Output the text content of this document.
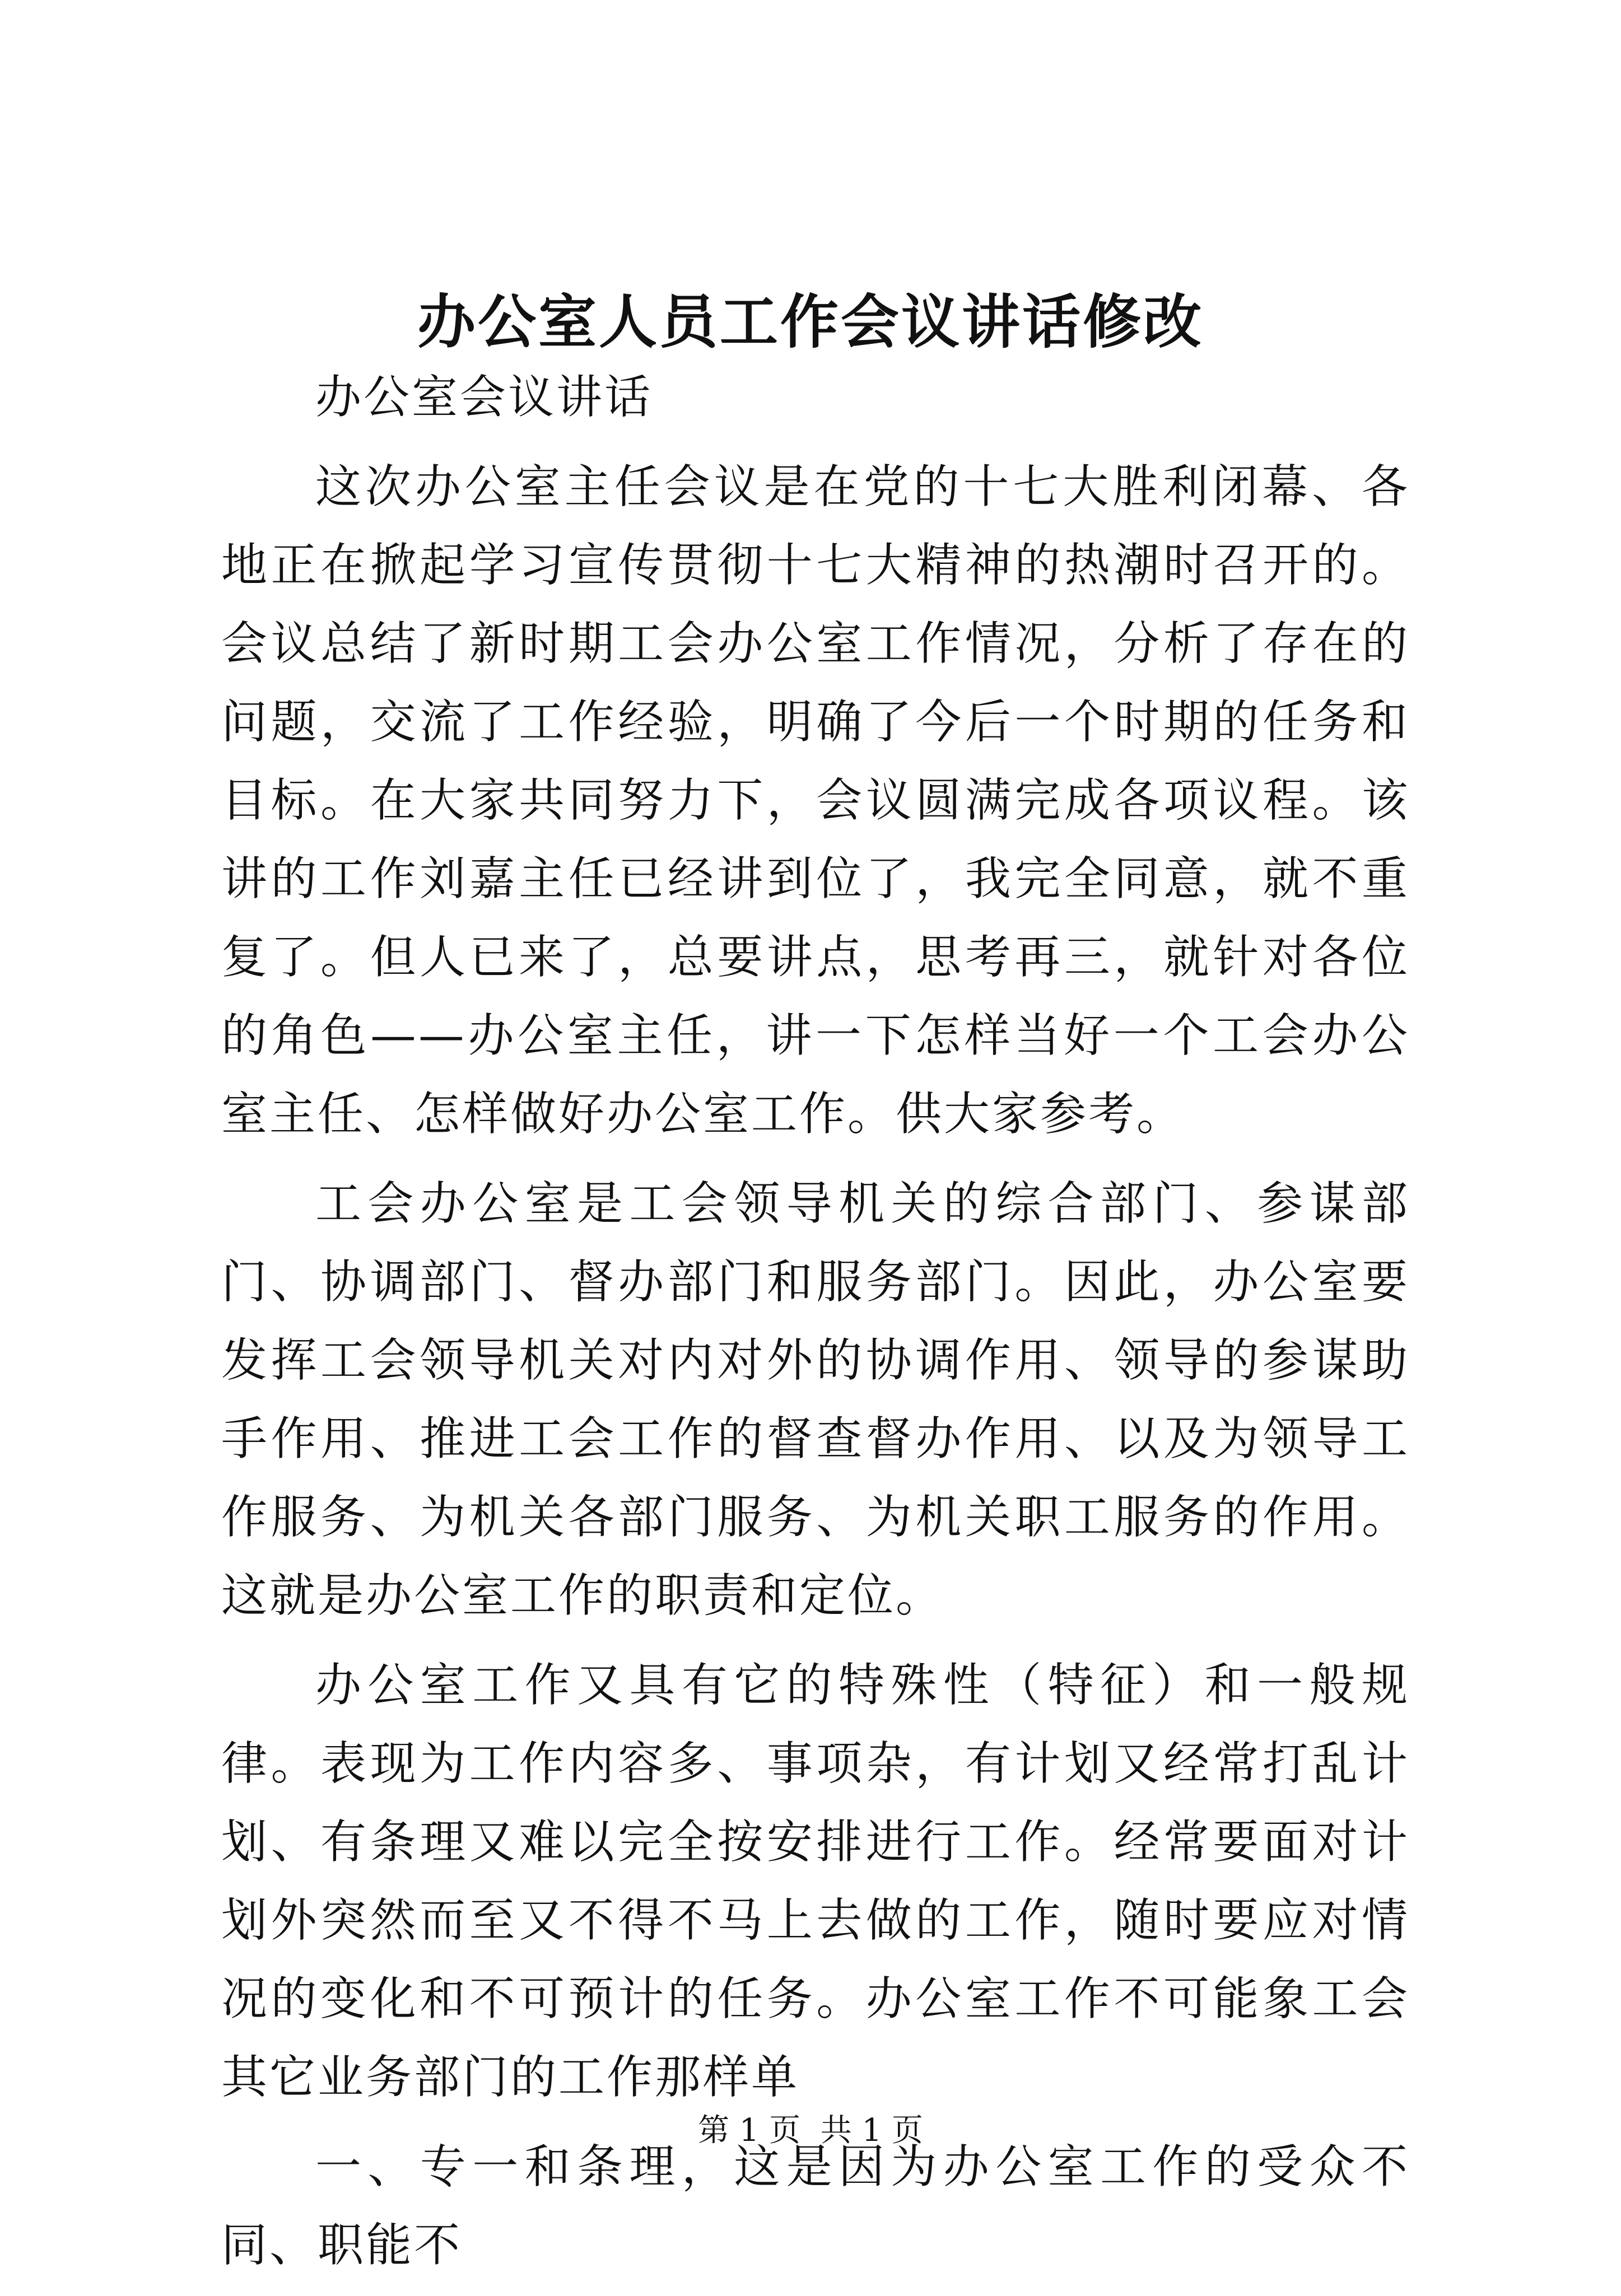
办公室人员工作会议讲话修改

办公室会议讲话

这次办公室主任会议是在党的十七大胜利闭幕、各地正在掀起学习宣传贯彻十七大精神的热潮时召开的。会议总结了新时期工会办公室工作情况，分析了存在的问题，交流了工作经验，明确了今后一个时期的任务和目标。在大家共同努力下，会议圆满完成各项议程。该讲的工作刘嘉主任已经讲到位了，我完全同意，就不重复了。但人已来了，总要讲点，思考再三，就针对各位的角色——办公室主任，讲一下怎样当好一个工会办公室主任、怎样做好办公室工作。供大家参考。

工会办公室是工会领导机关的综合部门、参谋部门、协调部门、督办部门和服务部门。因此，办公室要发挥工会领导机关对内对外的协调作用、领导的参谋助手作用、推进工会工作的督查督办作用、以及为领导工作服务、为机关各部门服务、为机关职工服务的作用。这就是办公室工作的职责和定位。

办公室工作又具有它的特殊性（特征）和一般规律。表现为工作内容多、事项杂，有计划又经常打乱计划、有条理又难以完全按安排进行工作。经常要面对计划外突然而至又不得不马上去做的工作，随时要应对情况的变化和不可预计的任务。办公室工作不可能象工会其它业务部门的工作那样单

一、专一和条理，这是因为办公室工作的受众不同、职能不

第 1 页 共 1 页
